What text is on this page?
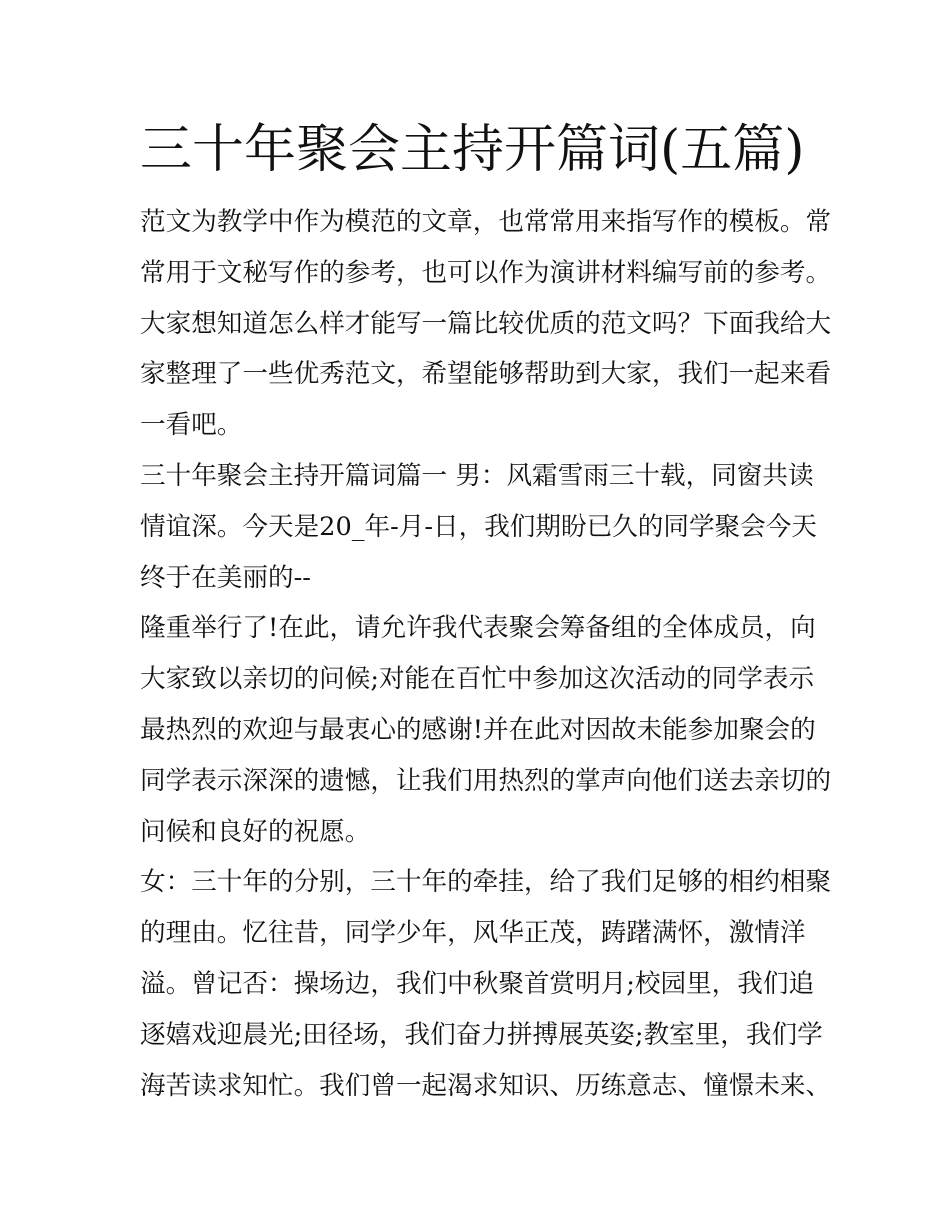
三十年聚会主持开篇词(五篇)
范文为教学中作为模范的文章，也常常用来指写作的模板。常
常用于文秘写作的参考，也可以作为演讲材料编写前的参考。
大家想知道怎么样才能写一篇比较优质的范文吗？下面我给大
家整理了一些优秀范文，希望能够帮助到大家，我们一起来看
一看吧。
三十年聚会主持开篇词篇一 男：风霜雪雨三十载，同窗共读
情谊深。今天是20_年-月-日，我们期盼已久的同学聚会今天
终于在美丽的--
隆重举行了!在此，请允许我代表聚会筹备组的全体成员，向
大家致以亲切的问候;对能在百忙中参加这次活动的同学表示
最热烈的欢迎与最衷心的感谢!并在此对因故未能参加聚会的
同学表示深深的遗憾，让我们用热烈的掌声向他们送去亲切的
问候和良好的祝愿。
女：三十年的分别，三十年的牵挂，给了我们足够的相约相聚
的理由。忆往昔，同学少年，风华正茂，踌躇满怀，激情洋
溢。曾记否：操场边，我们中秋聚首赏明月;校园里，我们追
逐嬉戏迎晨光;田径场，我们奋力拼搏展英姿;教室里，我们学
海苦读求知忙。我们曾一起渴求知识、历练意志、憧憬未来、
